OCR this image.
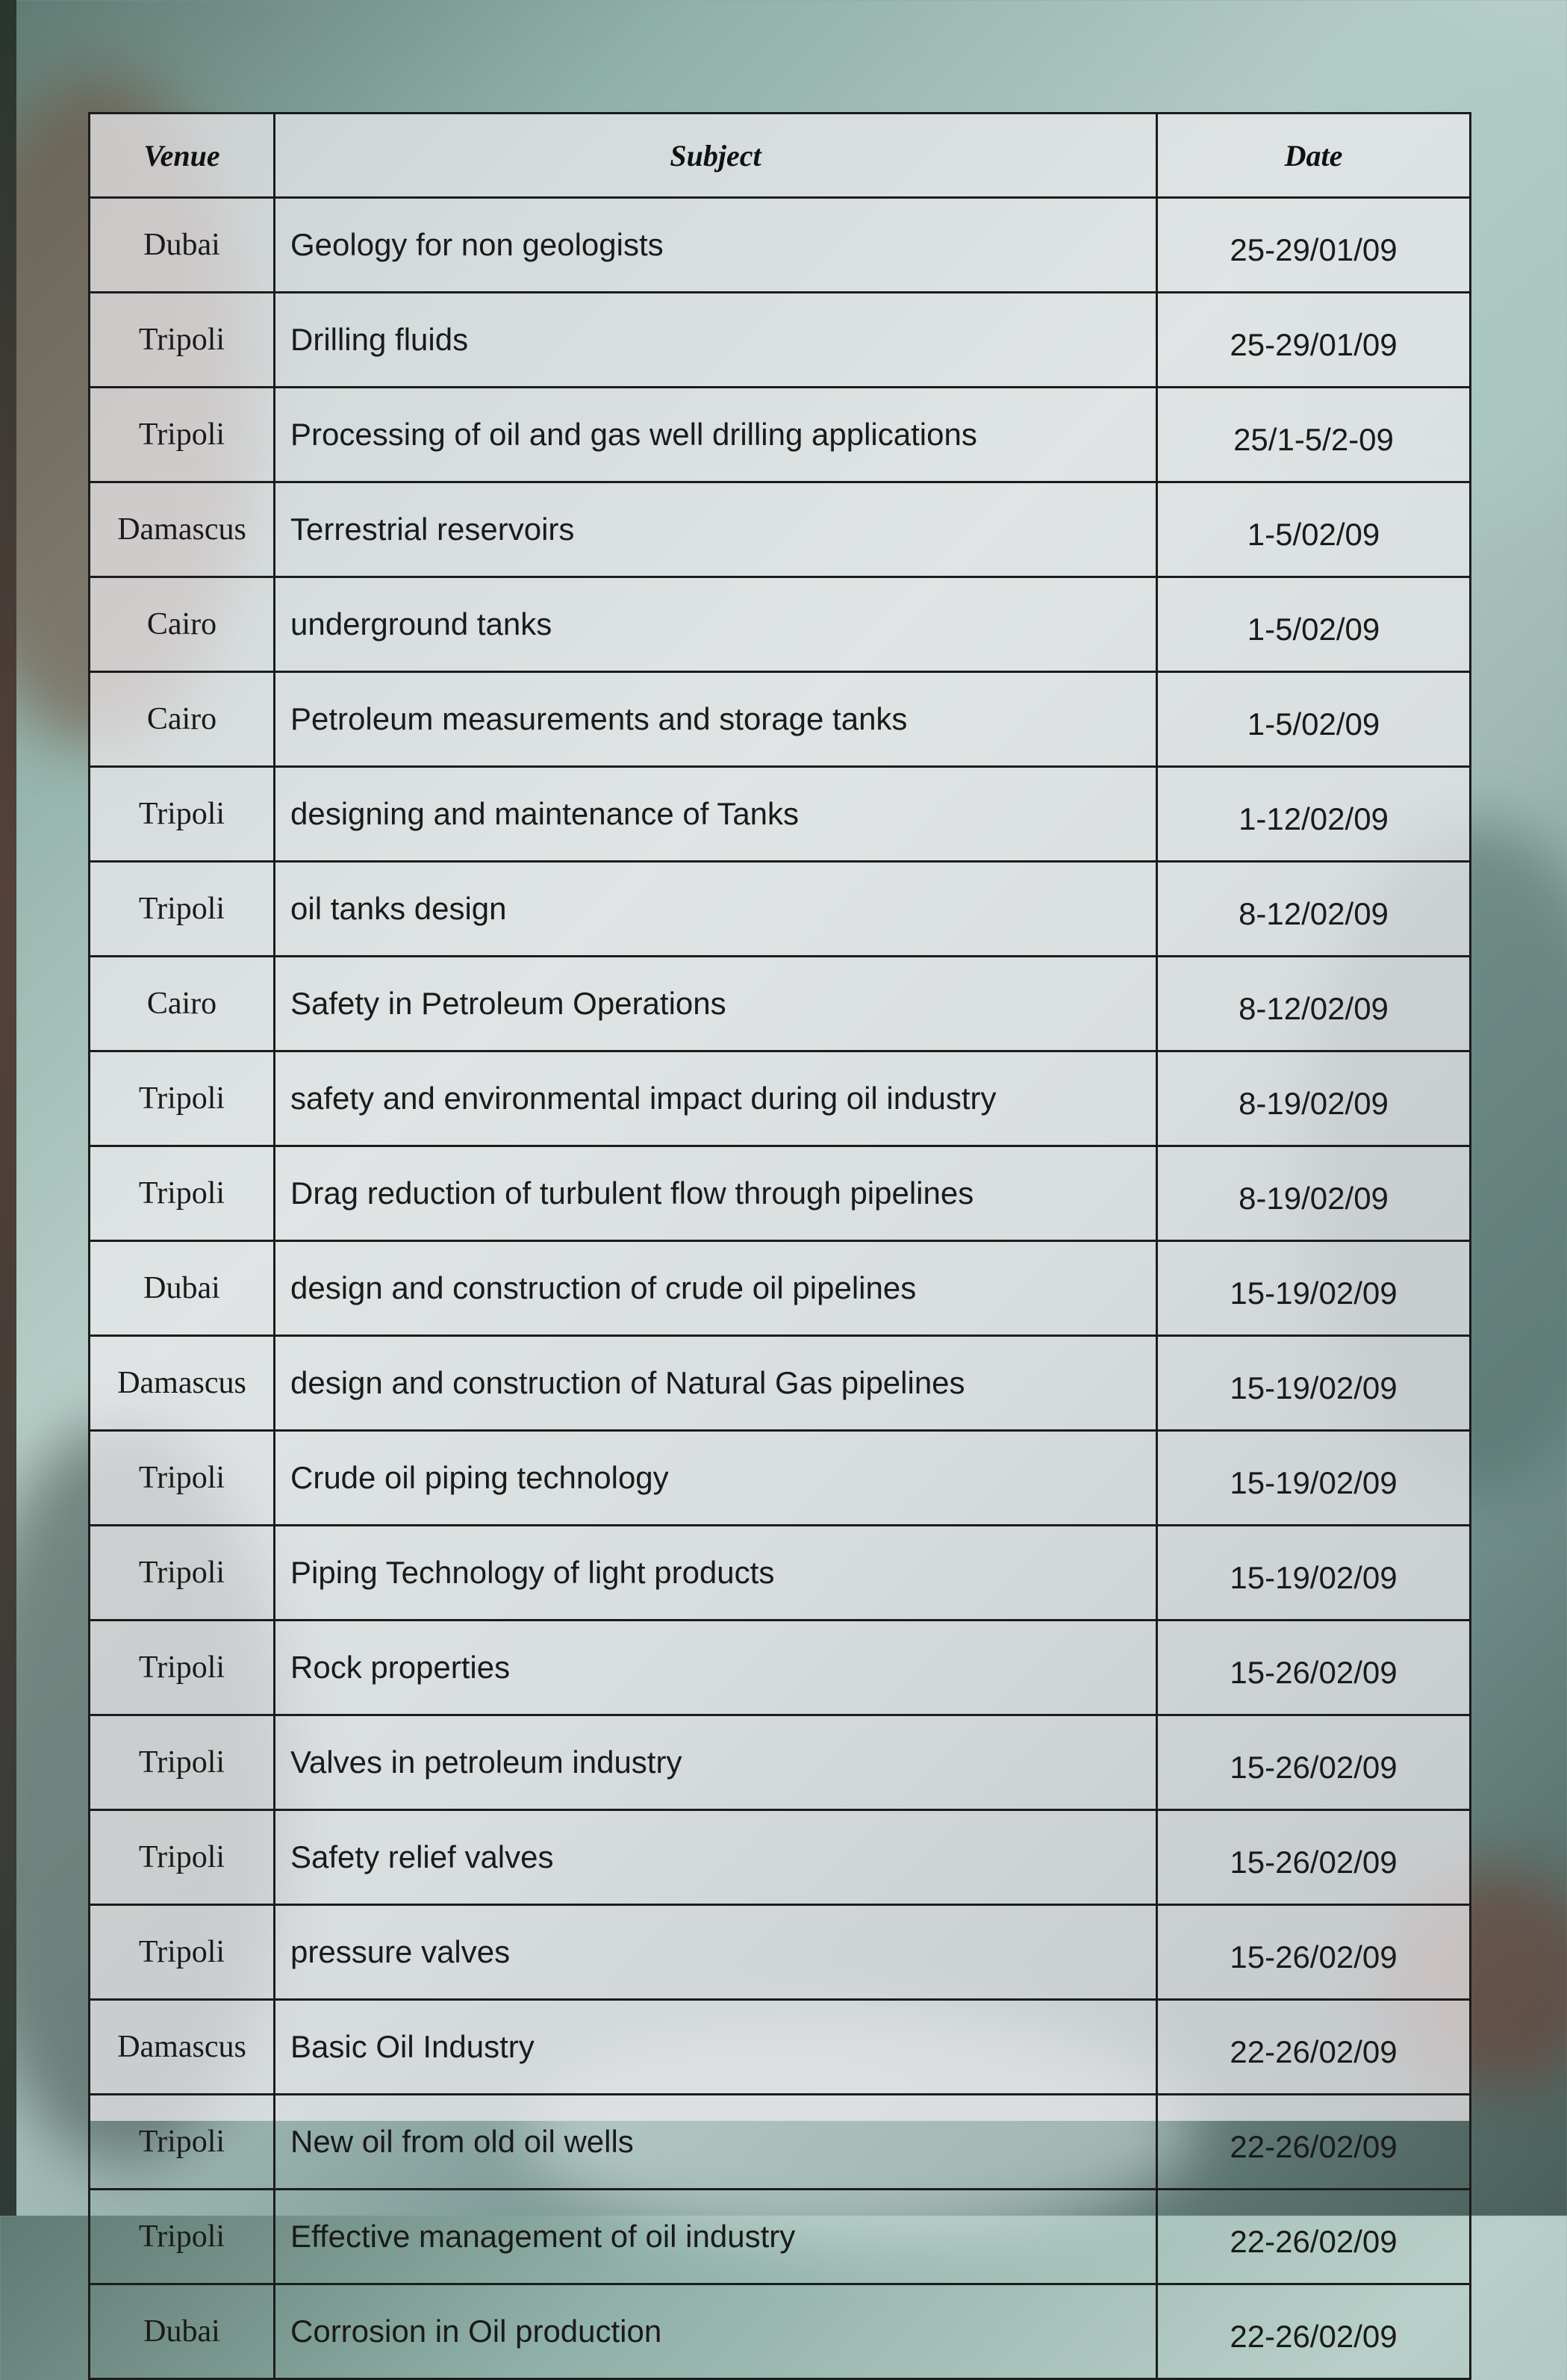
Venue	Subject	Date
Dubai	Geology for non geologists	25-29/01/09
Tripoli	Drilling fluids	25-29/01/09
Tripoli	Processing of oil and gas well drilling applications	25/1-5/2-09
Damascus	Terrestrial reservoirs	1-5/02/09
Cairo	underground tanks	1-5/02/09
Cairo	Petroleum measurements and storage tanks	1-5/02/09
Tripoli	designing and maintenance of Tanks	1-12/02/09
Tripoli	oil tanks design	8-12/02/09
Cairo	Safety in Petroleum Operations	8-12/02/09
Tripoli	safety and environmental impact during oil industry	8-19/02/09
Tripoli	Drag reduction of turbulent flow through pipelines	8-19/02/09
Dubai	design and construction of crude oil pipelines	15-19/02/09
Damascus	design and construction of Natural Gas pipelines	15-19/02/09
Tripoli	Crude oil piping technology	15-19/02/09
Tripoli	Piping Technology of light products	15-19/02/09
Tripoli	Rock properties	15-26/02/09
Tripoli	Valves in petroleum industry	15-26/02/09
Tripoli	Safety relief valves	15-26/02/09
Tripoli	pressure valves	15-26/02/09
Damascus	Basic Oil Industry	22-26/02/09
Tripoli	New oil from old oil wells	22-26/02/09
Tripoli	Effective management of oil industry	22-26/02/09
Dubai	Corrosion in Oil production	22-26/02/09
